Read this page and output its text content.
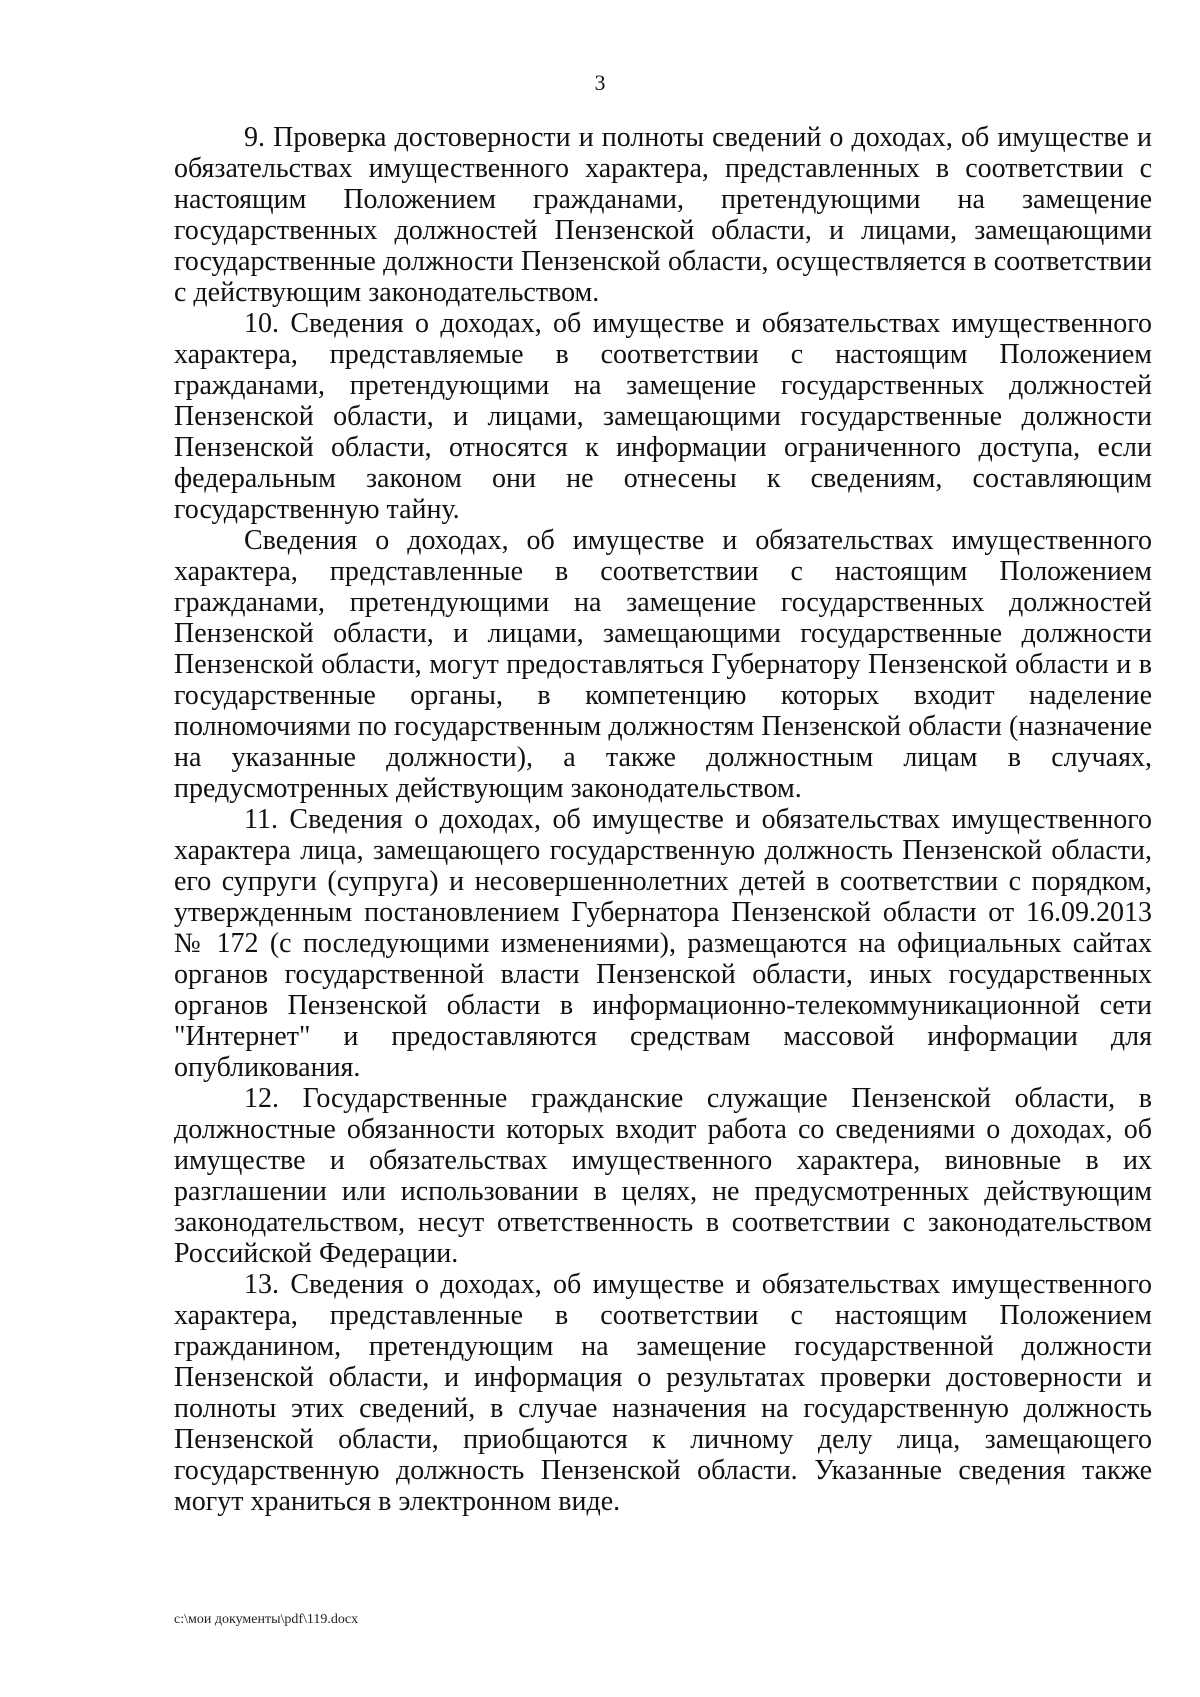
3

9. Проверка достоверности и полноты сведений о доходах, об имуществе и обязательствах имущественного характера, представленных в соответствии с настоящим Положением гражданами, претендующими на замещение государственных должностей Пензенской области, и лицами, замещающими государственные должности Пензенской области, осуществляется в соответствии с действующим законодательством.

10. Сведения о доходах, об имуществе и обязательствах имущественного характера, представляемые в соответствии с настоящим Положением гражданами, претендующими на замещение государственных должностей Пензенской области, и лицами, замещающими государственные должности Пензенской области, относятся к информации ограниченного доступа, если федеральным законом они не отнесены к сведениям, составляющим государственную тайну.

Сведения о доходах, об имуществе и обязательствах имущественного характера, представленные в соответствии с настоящим Положением гражданами, претендующими на замещение государственных должностей Пензенской области, и лицами, замещающими государственные должности Пензенской области, могут предоставляться Губернатору Пензенской области и в государственные органы, в компетенцию которых входит наделение полномочиями по государственным должностям Пензенской области (назначение на указанные должности), а также должностным лицам в случаях, предусмотренных действующим законодательством.

11. Сведения о доходах, об имуществе и обязательствах имущественного характера лица, замещающего государственную должность Пензенской области, его супруги (супруга) и несовершеннолетних детей в соответствии с порядком, утвержденным постановлением Губернатора Пензенской области от 16.09.2013 № 172 (с последующими изменениями), размещаются на официальных сайтах органов государственной власти Пензенской области, иных государственных органов Пензенской области в информационно-телекоммуникационной сети "Интернет" и предоставляются средствам массовой информации для опубликования.

12. Государственные гражданские служащие Пензенской области, в должностные обязанности которых входит работа со сведениями о доходах, об имуществе и обязательствах имущественного характера, виновные в их разглашении или использовании в целях, не предусмотренных действующим законодательством, несут ответственность в соответствии с законодательством Российской Федерации.

13. Сведения о доходах, об имуществе и обязательствах имущественного характера, представленные в соответствии с настоящим Положением гражданином, претендующим на замещение государственной должности Пензенской области, и информация о результатах проверки достоверности и полноты этих сведений, в случае назначения на государственную должность Пензенской области, приобщаются к личному делу лица, замещающего государственную должность Пензенской области. Указанные сведения также могут храниться в электронном виде.

c:\мои документы\pdf\119.docx
